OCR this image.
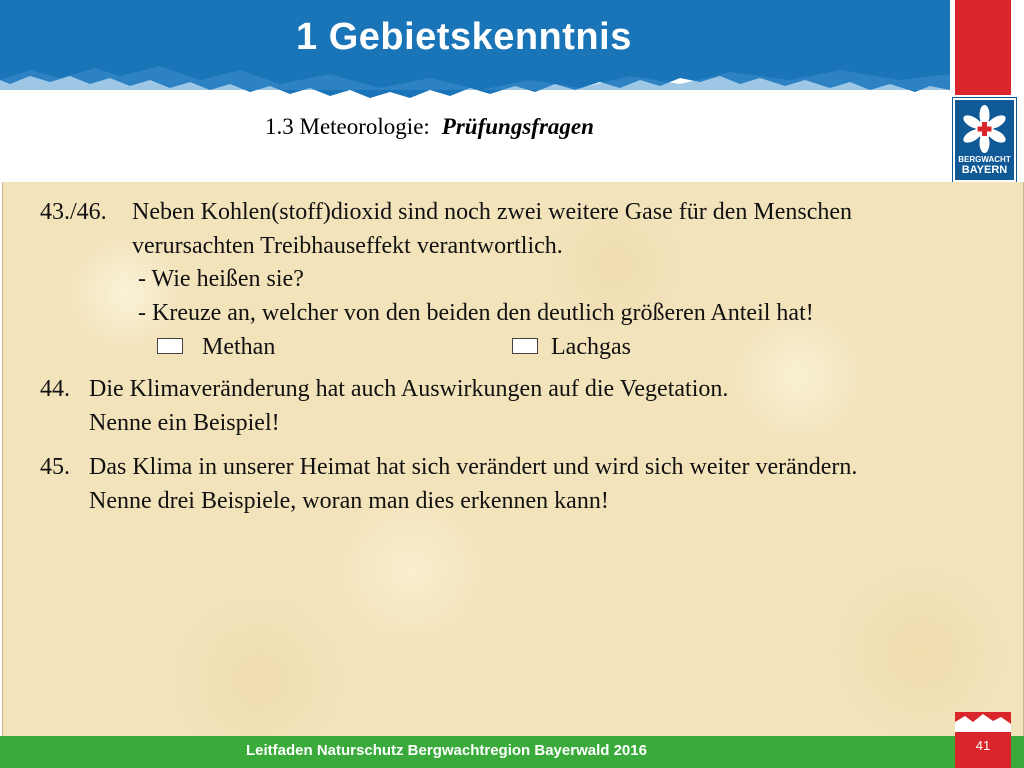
1 Gebietskenntnis
1.3 Meteorologie: Prüfungsfragen
BERGWACHT
BAYERN
43./46. Neben Kohlen(stoff)dioxid sind noch zwei weitere Gase für den Menschen
verursachten Treibhauseffekt verantwortlich.
- Wie heißen sie?
- Kreuze an, welcher von den beiden den deutlich größeren Anteil hat!
Methan	Lachgas
44. Die Klimaveränderung hat auch Auswirkungen auf die Vegetation.
Nenne ein Beispiel!
45. Das Klima in unserer Heimat hat sich verändert und wird sich weiter verändern.
Nenne drei Beispiele, woran man dies erkennen kann!
Leitfaden Naturschutz Bergwachtregion Bayerwald 2016	41
